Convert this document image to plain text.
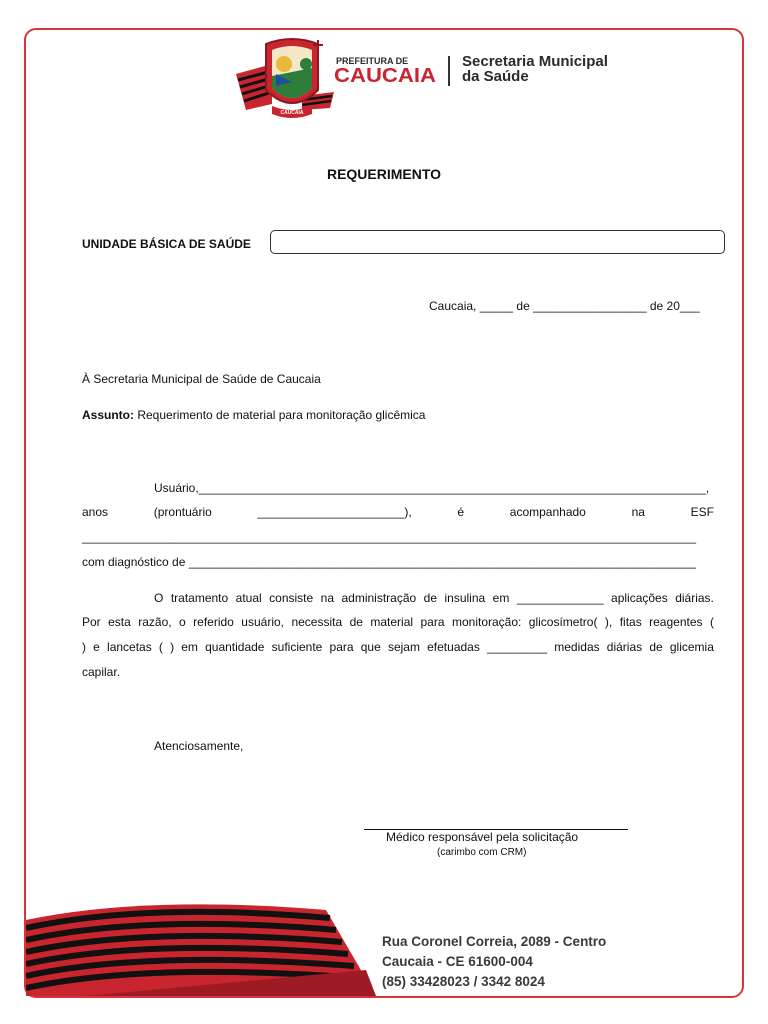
CAUCAIA
PREFEITURA DE
CAUCAIA
Secretaria Municipal
da Saúde
REQUERIMENTO
UNIDADE BÁSICA DE SAÚDE
Caucaia, _____ de _________________ de 20___
À Secretaria Municipal de Saúde de Caucaia
Assunto: Requerimento de material para monitoração glicêmica
Usuário,____________________________________________________________________________,
anos	(prontuário	______________________),	é	acompanhado	na	ESF
____________________________________________________________________________________________
com diagnóstico de ____________________________________________________________________________
O tratamento atual consiste na administração de insulina em _____________ aplicações diárias.
Por esta razão, o referido usuário, necessita de material para monitoração: glicosímetro( ), fitas reagentes (
) e lancetas ( ) em quantidade suficiente para que sejam efetuadas _________ medidas diárias de glicemia
capilar.
Atenciosamente,
Médico responsável pela solicitação
(carimbo com CRM)
Rua Coronel Correia, 2089 - Centro
Caucaia - CE 61600-004
(85) 33428023 / 3342 8024
